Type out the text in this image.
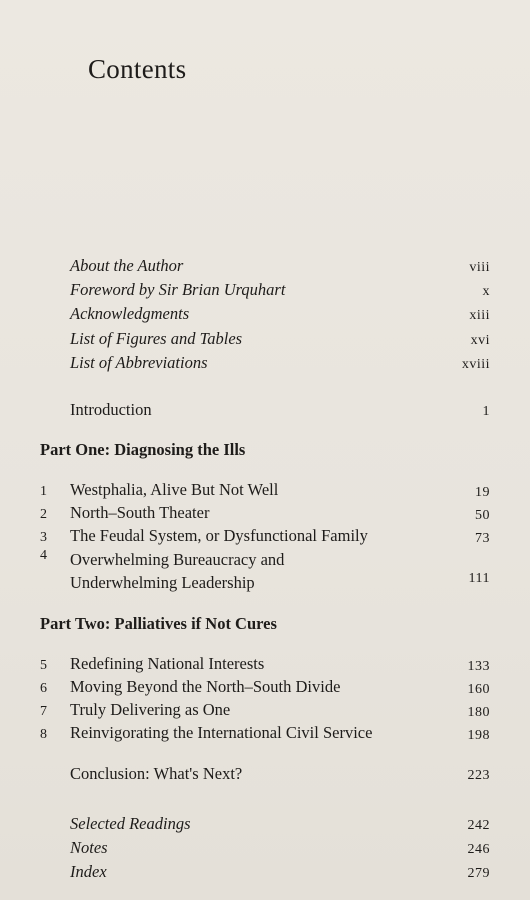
Contents
About the Author	viii
Foreword by Sir Brian Urquhart	x
Acknowledgments	xiii
List of Figures and Tables	xvi
List of Abbreviations	xviii
Introduction	1
Part One: Diagnosing the Ills
1	Westphalia, Alive But Not Well	19
2	North–South Theater	50
3	The Feudal System, or Dysfunctional Family	73
4	Overwhelming Bureaucracy and Underwhelming Leadership	111
Part Two: Palliatives if Not Cures
5	Redefining National Interests	133
6	Moving Beyond the North–South Divide	160
7	Truly Delivering as One	180
8	Reinvigorating the International Civil Service	198
Conclusion: What's Next?	223
Selected Readings	242
Notes	246
Index	279
